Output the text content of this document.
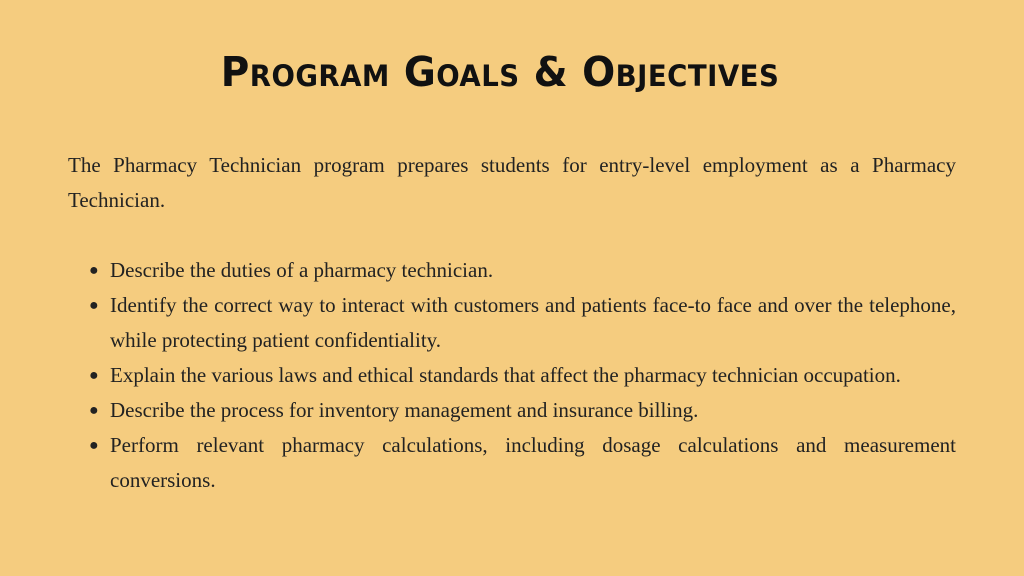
Program Goals & Objectives
The Pharmacy Technician program prepares students for entry-level employment as a Pharmacy Technician.
● Describe the duties of a pharmacy technician.
● Identify the correct way to interact with customers and patients face-to face and over the telephone, while protecting patient confidentiality.
● Explain the various laws and ethical standards that affect the pharmacy technician occupation.
● Describe the process for inventory management and insurance billing.
● Perform relevant pharmacy calculations, including dosage calculations and measurement conversions.
